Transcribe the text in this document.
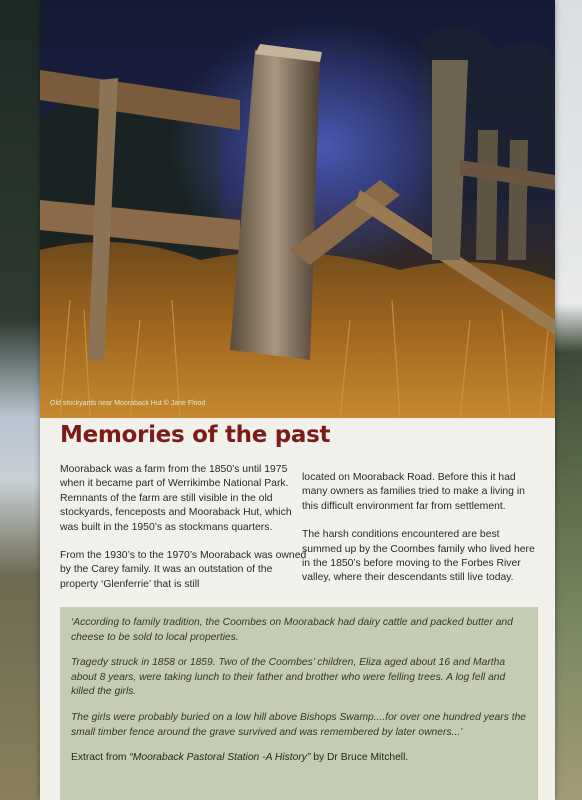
Old stockyards near Mooraback Hut © Jane Flood
Memories of the past

Mooraback was a farm from the 1850’s until 1975 when it became part of Werrikimbe National Park. Remnants of the farm are still visible in the old stockyards, fenceposts and Mooraback Hut, which was built in the 1950’s as stockmans quarters.

From the 1930’s to the 1970’s Mooraback was owned by the Carey family. It was an outstation of the property ‘Glenferrie’ that is still

located on Mooraback Road. Before this it had many owners as families tried to make a living in this difficult environment far from settlement.

The harsh conditions encountered are best summed up by the Coombes family who lived here in the 1850’s before moving to the Forbes River valley, where their descendants still live today.

‘According to family tradition, the Coombes on Mooraback had dairy cattle and packed butter and cheese to be sold to local properties.

Tragedy struck in 1858 or 1859. Two of the Coombes’ children, Eliza aged about 16 and Martha about 8 years, were taking lunch to their father and brother who were felling trees. A log fell and killed the girls.

The girls were probably buried on a low hill above Bishops Swamp....for over one hundred years the small timber fence around the grave survived and was remembered by later owners...’

Extract from “Mooraback Pastoral Station -A History” by Dr Bruce Mitchell.
